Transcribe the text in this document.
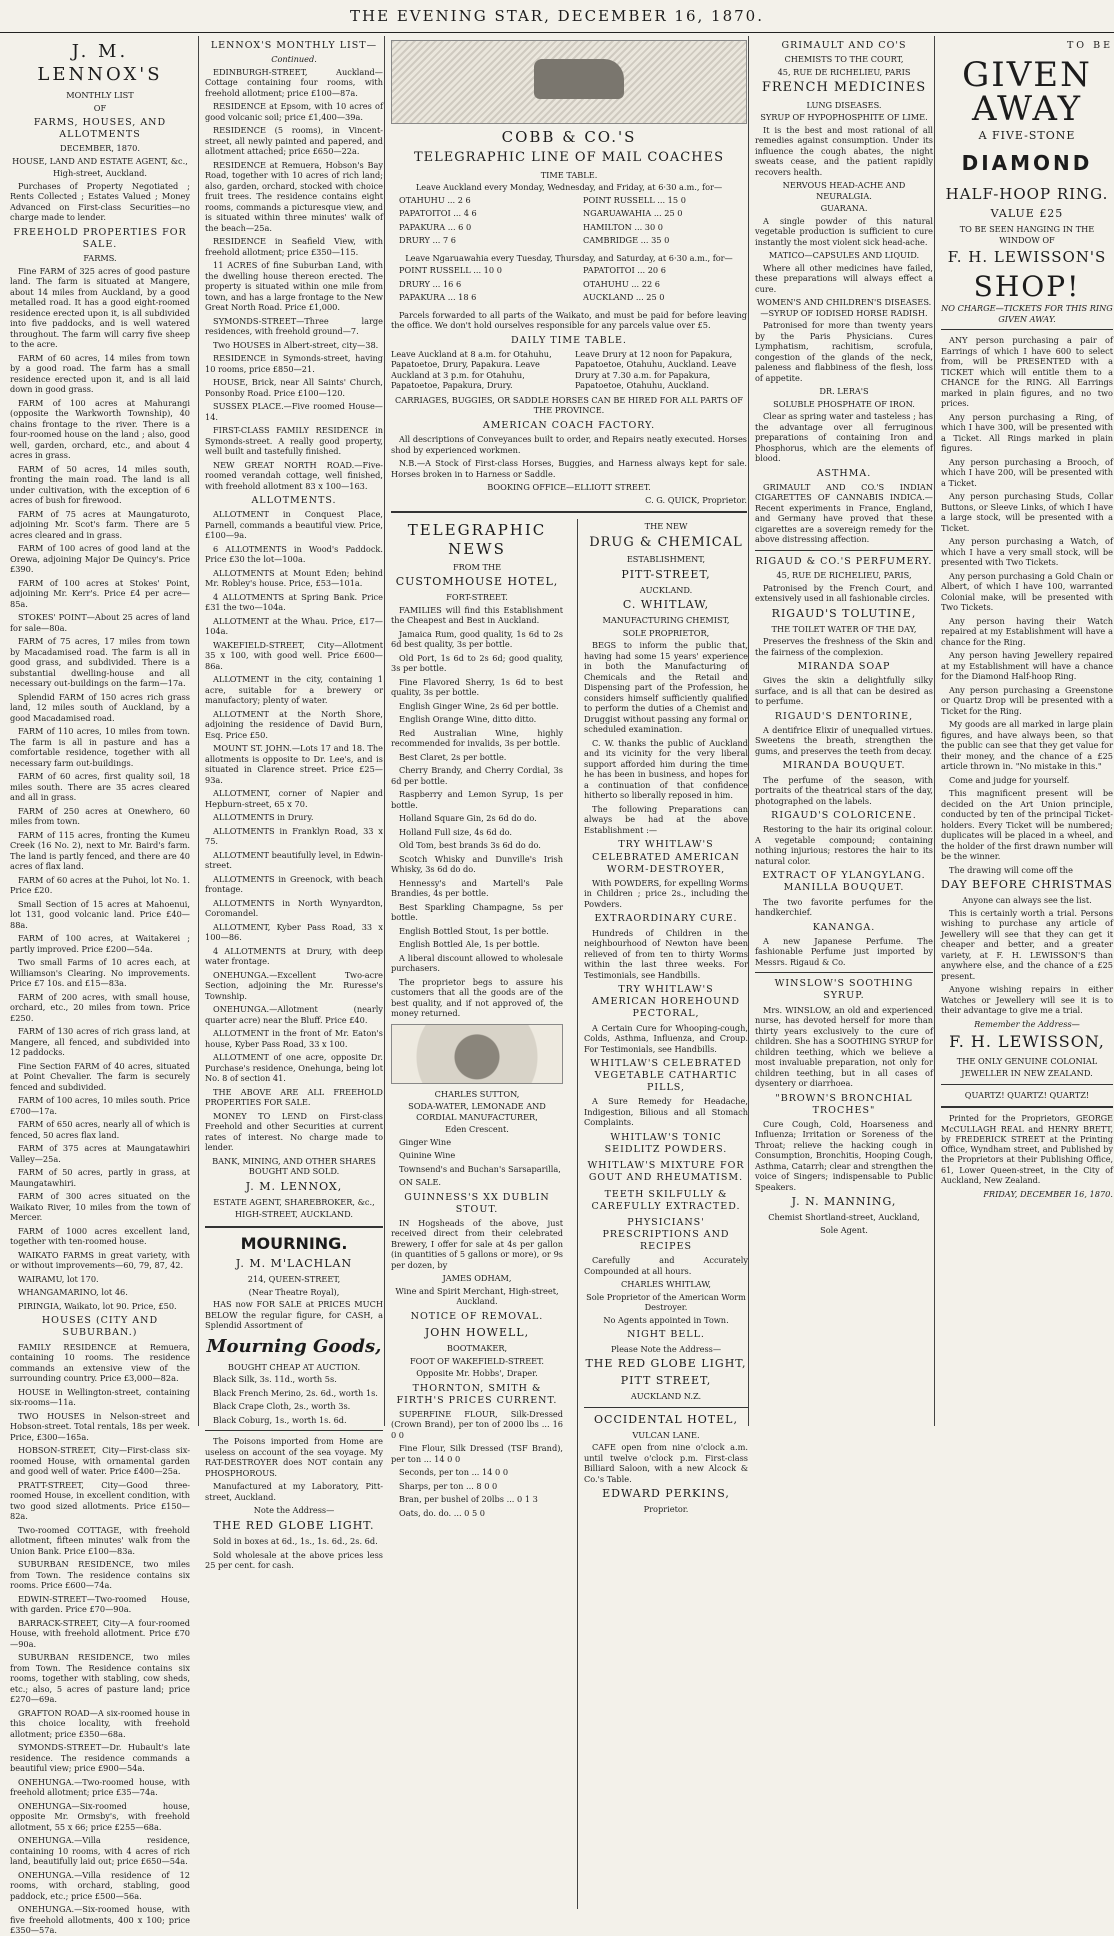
THE EVENING STAR, DECEMBER 16, 1870.
J. M. LENNOX'S
MONTHLY LIST
OF
FARMS, HOUSES, AND ALLOTMENTS
DECEMBER, 1870.
HOUSE, LAND AND ESTATE AGENT, &c.,
High-street, Auckland.

Purchases of Property Negotiated ; Rents Collected ; Estates Valued ; Money Advanced on First-class Securities—no charge made to lender.

FREEHOLD PROPERTIES FOR SALE.
FARMS.

Fine FARM of 325 acres of good pasture land. The farm is situated at Mangere, about 14 miles from Auckland, by a good metalled road. It has a good eight-roomed residence erected upon it, is all subdivided into five paddocks, and is well watered throughout. The farm will carry five sheep to the acre.

FARM of 60 acres, 14 miles from town by a good road. The farm has a small residence erected upon it, and is all laid down in good grass.

FARM of 100 acres at Mahurangi (opposite the Warkworth Township), 40 chains frontage to the river. There is a four-roomed house on the land ; also, good well, garden, orchard, etc., and about 4 acres in grass.

FARM of 50 acres, 14 miles south, fronting the main road. The land is all under cultivation, with the exception of 6 acres of bush for firewood.

FARM of 75 acres at Maungaturoto, adjoining Mr. Scot's farm. There are 5 acres cleared and in grass.

FARM of 100 acres of good land at the Orewa, adjoining Major De Quincy's. Price £390.

FARM of 100 acres at Stokes' Point, adjoining Mr. Kerr's. Price £4 per acre—85a.

STOKES' POINT—About 25 acres of land for sale—80a.

FARM of 75 acres, 17 miles from town by Macadamised road. The farm is all in good grass, and subdivided. There is a substantial dwelling-house and all necessary out-buildings on the farm—17a.

Splendid FARM of 150 acres rich grass land, 12 miles south of Auckland, by a good Macadamised road.

FARM of 110 acres, 10 miles from town. The farm is all in pasture and has a comfortable residence, together with all necessary farm out-buildings.

FARM of 60 acres, first quality soil, 18 miles south. There are 35 acres cleared and all in grass.

FARM of 250 acres at Onewhero, 60 miles from town.

FARM of 115 acres, fronting the Kumeu Creek (16 No. 2), next to Mr. Baird's farm. The land is partly fenced, and there are 40 acres of flax land.

FARM of 60 acres at the Puhoi, lot No. 1. Price £20.

Small Section of 15 acres at Mahoenui, lot 131, good volcanic land. Price £40—88a.

FARM of 100 acres, at Waitakerei ; partly improved. Price £200—54a.

Two small Farms of 10 acres each, at Williamson's Clearing. No improvements. Price £7 10s. and £15—83a.

FARM of 200 acres, with small house, orchard, etc., 20 miles from town. Price £250.

FARM of 130 acres of rich grass land, at Mangere, all fenced, and subdivided into 12 paddocks.

Fine Section FARM of 40 acres, situated at Point Chevalier. The farm is securely fenced and subdivided.

FARM of 100 acres, 10 miles south. Price £700—17a.

FARM of 650 acres, nearly all of which is fenced, 50 acres flax land.

FARM of 375 acres at Maungatawhiri Valley—25a.

FARM of 50 acres, partly in grass, at Maungatawhiri.

FARM of 300 acres situated on the Waikato River, 10 miles from the town of Mercer.

FARM of 1000 acres excellent land, together with ten-roomed house.

WAIKATO FARMS in great variety, with or without improvements—60, 79, 87, 42.

WAIRAMU, lot 170.

WHANGAMARINO, lot 46.

PIRINGIA, Waikato, lot 90. Price, £50.

HOUSES (CITY AND SUBURBAN.)

FAMILY RESIDENCE at Remuera, containing 10 rooms. The residence commands an extensive view of the surrounding country. Price £3,000—82a.

HOUSE in Wellington-street, containing six-rooms—11a.

TWO HOUSES in Nelson-street and Hobson-street. Total rentals, 18s per week. Price, £300—165a.

HOBSON-STREET, City—First-class six-roomed House, with ornamental garden and good well of water. Price £400—25a.

PRATT-STREET, City—Good three-roomed House, in excellent condition, with two good sized allotments. Price £150—82a.

Two-roomed COTTAGE, with freehold allotment, fifteen minutes' walk from the Union Bank. Price £100—83a.

SUBURBAN RESIDENCE, two miles from Town. The residence contains six rooms. Price £600—74a.

EDWIN-STREET—Two-roomed House, with garden. Price £70—90a.

BARRACK-STREET, City—A four-roomed House, with freehold allotment. Price £70—90a.

SUBURBAN RESIDENCE, two miles from Town. The Residence contains six rooms, together with stabling, cow sheds, etc.; also, 5 acres of pasture land; price £270—69a.

GRAFTON ROAD—A six-roomed house in this choice locality, with freehold allotment; price £350—68a.

SYMONDS-STREET—Dr. Hubault's late residence. The residence commands a beautiful view; price £900—54a.

ONEHUNGA.—Two-roomed house, with freehold allotment; price £35—74a.

ONEHUNGA—Six-roomed house, opposite Mr. Ormsby's, with freehold allotment, 55 x 66; price £255—68a.

ONEHUNGA.—Villa residence, containing 10 rooms, with 4 acres of rich land, beautifully laid out; price £650—54a.

ONEHUNGA.—Villa residence of 12 rooms, with orchard, stabling, good paddock, etc.; price £500—56a.

ONEHUNGA.—Six-roomed house, with five freehold allotments, 400 x 100; price £350—57a.

LENNOX'S MONTHLY LIST—
Continued.

EDINBURGH-STREET, Auckland—Cottage containing four rooms, with freehold allotment; price £100—87a.

RESIDENCE at Epsom, with 10 acres of good volcanic soil; price £1,400—39a.

RESIDENCE (5 rooms), in Vincent-street, all newly painted and papered, and allotment attached; price £650—22a.

RESIDENCE at Remuera, Hobson's Bay Road, together with 10 acres of rich land; also, garden, orchard, stocked with choice fruit trees. The residence contains eight rooms, commands a picturesque view, and is situated within three minutes' walk of the beach—25a.

RESIDENCE in Seafield View, with freehold allotment; price £350—115.

11 ACRES of fine Suburban Land, with the dwelling house thereon erected. The property is situated within one mile from town, and has a large frontage to the New Great North Road. Price £1,000.

SYMONDS-STREET—Three large residences, with freehold ground—7.

Two HOUSES in Albert-street, city—38.

RESIDENCE in Symonds-street, having 10 rooms, price £850—21.

HOUSE, Brick, near All Saints' Church, Ponsonby Road. Price £100—120.

SUSSEX PLACE.—Five roomed House—14.

FIRST-CLASS FAMILY RESIDENCE in Symonds-street. A really good property, well built and tastefully finished.

NEW GREAT NORTH ROAD.—Five-roomed verandah cottage, well finished, with freehold allotment 83 x 100—163.

ALLOTMENTS.

ALLOTMENT in Conquest Place, Parnell, commands a beautiful view. Price, £100—9a.

6 ALLOTMENTS in Wood's Paddock. Price £30 the lot—100a.

ALLOTMENTS at Mount Eden; behind Mr. Robley's house. Price, £53—101a.

4 ALLOTMENTS at Spring Bank. Price £31 the two—104a.

ALLOTMENT at the Whau. Price, £17—104a.

WAKEFIELD-STREET, City—Allotment 35 x 100, with good well. Price £600—86a.

ALLOTMENT in the city, containing 1 acre, suitable for a brewery or manufactory; plenty of water.

ALLOTMENT at the North Shore, adjoining the residence of David Burn, Esq. Price £50.

MOUNT ST. JOHN.—Lots 17 and 18. The allotments is opposite to Dr. Lee's, and is situated in Clarence street. Price £25—93a.

ALLOTMENT, corner of Napier and Hepburn-street, 65 x 70.

ALLOTMENTS in Drury.

ALLOTMENTS in Franklyn Road, 33 x 75.

ALLOTMENT beautifully level, in Edwin-street.

ALLOTMENTS in Greenock, with beach frontage.

ALLOTMENTS in North Wynyardton, Coromandel.

ALLOTMENT, Kyber Pass Road, 33 x 100—86.

4 ALLOTMENTS at Drury, with deep water frontage.

ONEHUNGA.—Excellent Two-acre Section, adjoining the Mr. Ruresse's Township.

ONEHUNGA.—Allotment (nearly quarter acre) near the Bluff. Price £40.

ALLOTMENT in the front of Mr. Eaton's house, Kyber Pass Road, 33 x 100.

ALLOTMENT of one acre, opposite Dr. Purchase's residence, Onehunga, being lot No. 8 of section 41.

THE ABOVE ARE ALL FREEHOLD PROPERTIES FOR SALE.

MONEY TO LEND on First-class Freehold and other Securities at current rates of interest. No charge made to lender.

BANK, MINING, AND OTHER SHARES BOUGHT AND SOLD.
J. M. LENNOX,
ESTATE AGENT, SHAREBROKER, &c.,
HIGH-STREET, AUCKLAND.
MOURNING.
J. M. M'LACHLAN
214, QUEEN-STREET,
(Near Theatre Royal),

HAS now FOR SALE at PRICES MUCH BELOW the regular figure, for CASH, a Splendid Assortment of

Mourning Goods,
BOUGHT CHEAP AT AUCTION.

Black Silk, 3s. 11d., worth 5s.

Black French Merino, 2s. 6d., worth 1s.

Black Crape Cloth, 2s., worth 3s.

Black Coburg, 1s., worth 1s. 6d.

The Poisons imported from Home are useless on account of the sea voyage. My RAT-DESTROYER does NOT contain any PHOSPHOROUS.

Manufactured at my Laboratory, Pitt-street, Auckland.

Note the Address—
THE RED GLOBE LIGHT.

Sold in boxes at 6d., 1s., 1s. 6d., 2s. 6d.

Sold wholesale at the above prices less 25 per cent. for cash.

COBB & CO.'S
TELEGRAPHIC LINE OF MAIL COACHES
TIME TABLE.
Leave Auckland every Monday, Wednesday, and Friday, at 6·30 a.m., for—

OTAHUHU ... 2 6

PAPATOITOI ... 4 6

PAPAKURA ... 6 0

DRURY ... 7 6

POINT RUSSELL ... 15 0

NGARUAWAHIA ... 25 0

HAMILTON ... 30 0

CAMBRIDGE ... 35 0

Leave Ngaruawahia every Tuesday, Thursday, and Saturday, at 6·30 a.m., for—

POINT RUSSELL ... 10 0

DRURY ... 16 6

PAPAKURA ... 18 6

PAPATOITOI ... 20 6

OTAHUHU ... 22 6

AUCKLAND ... 25 0

Parcels forwarded to all parts of the Waikato, and must be paid for before leaving the office. We don't hold ourselves responsible for any parcels value over £5.

DAILY TIME TABLE.
Leave Auckland at 8 a.m. for Otahuhu, Papatoetoe, Drury, Papakura. Leave Auckland at 3 p.m. for Otahuhu, Papatoetoe, Papakura, Drury.
Leave Drury at 12 noon for Papakura, Papatoetoe, Otahuhu, Auckland. Leave Drury at 7.30 a.m. for Papakura, Papatoetoe, Otahuhu, Auckland.
CARRIAGES, BUGGIES, OR SADDLE HORSES CAN BE HIRED FOR ALL PARTS OF THE PROVINCE.
AMERICAN COACH FACTORY.

All descriptions of Conveyances built to order, and Repairs neatly executed. Horses shod by experienced workmen.

N.B.—A Stock of First-class Horses, Buggies, and Harness always kept for sale. Horses broken in to Harness or Saddle.

BOOKING OFFICE—ELLIOTT STREET.
C. G. QUICK, Proprietor.
TELEGRAPHIC NEWS
FROM THE
CUSTOMHOUSE HOTEL,
FORT-STREET.

FAMILIES will find this Establishment the Cheapest and Best in Auckland.

Jamaica Rum, good quality, 1s 6d to 2s 6d best quality, 3s per bottle.

Old Port, 1s 6d to 2s 6d; good quality, 3s per bottle.

Fine Flavored Sherry, 1s 6d to best quality, 3s per bottle.

English Ginger Wine, 2s 6d per bottle.

English Orange Wine, ditto ditto.

Red Australian Wine, highly recommended for invalids, 3s per bottle.

Best Claret, 2s per bottle.

Cherry Brandy, and Cherry Cordial, 3s 6d per bottle.

Raspberry and Lemon Syrup, 1s per bottle.

Holland Square Gin, 2s 6d do do.

Holland Full size, 4s 6d do.

Old Tom, best brands 3s 6d do do.

Scotch Whisky and Dunville's Irish Whisky, 3s 6d do do.

Hennessy's and Martell's Pale Brandies, 4s per bottle.

Best Sparkling Champagne, 5s per bottle.

English Bottled Stout, 1s per bottle.

English Bottled Ale, 1s per bottle.

A liberal discount allowed to wholesale purchasers.

The proprietor begs to assure his customers that all the goods are of the best quality, and if not approved of, the money returned.

CHARLES SUTTON,
SODA-WATER, LEMONADE AND CORDIAL MANUFACTURER,
Eden Crescent.

Ginger Wine

Quinine Wine

Townsend's and Buchan's Sarsaparilla,

ON SALE.

GUINNESS'S XX DUBLIN STOUT.

IN Hogsheads of the above, just received direct from their celebrated Brewery, I offer for sale at 4s per gallon (in quantities of 5 gallons or more), or 9s per dozen, by

JAMES ODHAM,
Wine and Spirit Merchant, High-street, Auckland.
NOTICE OF REMOVAL.
JOHN HOWELL,
BOOTMAKER,
FOOT OF WAKEFIELD-STREET.
Opposite Mr. Hobbs', Draper.
THORNTON, SMITH & FIRTH'S PRICES CURRENT.

SUPERFINE FLOUR, Silk-Dressed (Crown Brand), per ton of 2000 lbs ... 16 0 0

Fine Flour, Silk Dressed (TSF Brand), per ton ... 14 0 0

Seconds, per ton ... 14 0 0

Sharps, per ton ... 8 0 0

Bran, per bushel of 20lbs ... 0 1 3

Oats, do. do. ... 0 5 0

THE NEW
DRUG & CHEMICAL
ESTABLISHMENT,
PITT-STREET,
AUCKLAND.
C. WHITLAW,
MANUFACTURING CHEMIST,
SOLE PROPRIETOR,

BEGS to inform the public that, having had some 15 years' experience in both the Manufacturing of Chemicals and the Retail and Dispensing part of the Profession, he considers himself sufficiently qualified to perform the duties of a Chemist and Druggist without passing any formal or scheduled examination.

C. W. thanks the public of Auckland and its vicinity for the very liberal support afforded him during the time he has been in business, and hopes for a continuation of that confidence hitherto so liberally reposed in him.

The following Preparations can always be had at the above Establishment :—

TRY WHITLAW'S CELEBRATED AMERICAN WORM-DESTROYER,

With POWDERS, for expelling Worms in Children ; price 2s., including the Powders.

EXTRAORDINARY CURE.

Hundreds of Children in the neighbourhood of Newton have been relieved of from ten to thirty Worms within the last three weeks. For Testimonials, see Handbills.

TRY WHITLAW'S AMERICAN HOREHOUND PECTORAL,

A Certain Cure for Whooping-cough, Colds, Asthma, Influenza, and Croup. For Testimonials, see Handbills.

WHITLAW'S CELEBRATED VEGETABLE CATHARTIC PILLS,

A Sure Remedy for Headache, Indigestion, Bilious and all Stomach Complaints.

WHITLAW'S TONIC SEIDLITZ POWDERS.
WHITLAW'S MIXTURE FOR GOUT AND RHEUMATISM.
TEETH SKILFULLY & CAREFULLY EXTRACTED.
PHYSICIANS' PRESCRIPTIONS AND RECIPES

Carefully and Accurately Compounded at all hours.

CHARLES WHITLAW,
Sole Proprietor of the American Worm Destroyer.
No Agents appointed in Town.
NIGHT BELL.
Please Note the Address—
THE RED GLOBE LIGHT,
PITT STREET,
AUCKLAND N.Z.
OCCIDENTAL HOTEL,
VULCAN LANE.

CAFE open from nine o'clock a.m. until twelve o'clock p.m. First-class Billiard Saloon, with a new Alcock & Co.'s Table.

EDWARD PERKINS,
Proprietor.
GRIMAULT AND CO'S
CHEMISTS TO THE COURT,
45, RUE DE RICHELIEU, PARIS
FRENCH MEDICINES
LUNG DISEASES.
SYRUP OF HYPOPHOSPHITE OF LIME.

It is the best and most rational of all remedies against consumption. Under its influence the cough abates, the night sweats cease, and the patient rapidly recovers health.

NERVOUS HEAD-ACHE AND NEURALGIA.
GUARANA.

A single powder of this natural vegetable production is sufficient to cure instantly the most violent sick head-ache.

MATICO—CAPSULES AND LIQUID.

Where all other medicines have failed, these preparations will always effect a cure.

WOMEN'S AND CHILDREN'S DISEASES. —SYRUP OF IODISED HORSE RADISH.

Patronised for more than twenty years by the Paris Physicians. Cures Lymphatism, rachitism, scrofula, congestion of the glands of the neck, paleness and flabbiness of the flesh, loss of appetite.

DR. LERA'S
SOLUBLE PHOSPHATE OF IRON.

Clear as spring water and tasteless ; has the advantage over all ferruginous preparations of containing Iron and Phosphorus, which are the elements of blood.

ASTHMA.

GRIMAULT AND CO.'S INDIAN CIGARETTES OF CANNABIS INDICA.—Recent experiments in France, England, and Germany have proved that these cigarettes are a sovereign remedy for the above distressing affection.

RIGAUD & CO.'S PERFUMERY.
45, RUE DE RICHELIEU, PARIS,

Patronised by the French Court, and extensively used in all fashionable circles.

RIGAUD'S TOLUTINE,
THE TOILET WATER OF THE DAY,

Preserves the freshness of the Skin and the fairness of the complexion.

MIRANDA SOAP

Gives the skin a delightfully silky surface, and is all that can be desired as to perfume.

RIGAUD'S DENTORINE,

A dentifrice Elixir of unequalled virtues. Sweetens the breath, strengthen the gums, and preserves the teeth from decay.

MIRANDA BOUQUET.

The perfume of the season, with portraits of the theatrical stars of the day, photographed on the labels.

RIGAUD'S COLORICENE.

Restoring to the hair its original colour. A vegetable compound; containing nothing injurious; restores the hair to its natural color.

EXTRACT OF YLANGYLANG. MANILLA BOUQUET.

The two favorite perfumes for the handkerchief.

KANANGA.

A new Japanese Perfume. The fashionable Perfume just imported by Messrs. Rigaud & Co.

WINSLOW'S SOOTHING SYRUP.

Mrs. WINSLOW, an old and experienced nurse, has devoted herself for more than thirty years exclusively to the cure of children. She has a SOOTHING SYRUP for children teething, which we believe a most invaluable preparation, not only for children teething, but in all cases of dysentery or diarrhoea.

"BROWN'S BRONCHIAL TROCHES"

Cure Cough, Cold, Hoarseness and Influenza; Irritation or Soreness of the Throat; relieve the hacking cough in Consumption, Bronchitis, Hooping Cough, Asthma, Catarrh; clear and strengthen the voice of Singers; indispensable to Public Speakers.

J. N. MANNING,
Chemist Shortland-street, Auckland,
Sole Agent.
TO BE
GIVEN AWAY
A FIVE-STONE
DIAMOND
HALF-HOOP RING.
VALUE £25
TO BE SEEN HANGING IN THE WINDOW OF
F. H. LEWISSON'S
SHOP!
NO CHARGE—TICKETS FOR THIS RING GIVEN AWAY.

ANY person purchasing a pair of Earrings of which I have 600 to select from, will be PRESENTED with a TICKET which will entitle them to a CHANCE for the RING. All Earrings marked in plain figures, and no two prices.

Any person purchasing a Ring, of which I have 300, will be presented with a Ticket. All Rings marked in plain figures.

Any person purchasing a Brooch, of which I have 200, will be presented with a Ticket.

Any person purchasing Studs, Collar Buttons, or Sleeve Links, of which I have a large stock, will be presented with a Ticket.

Any person purchasing a Watch, of which I have a very small stock, will be presented with Two Tickets.

Any person purchasing a Gold Chain or Albert, of which I have 100, warranted Colonial make, will be presented with Two Tickets.

Any person having their Watch repaired at my Establishment will have a chance for the Ring.

Any person having Jewellery repaired at my Establishment will have a chance for the Diamond Half-hoop Ring.

Any person purchasing a Greenstone or Quartz Drop will be presented with a Ticket for the Ring.

My goods are all marked in large plain figures, and have always been, so that the public can see that they get value for their money, and the chance of a £25 article thrown in. "No mistake in this."

Come and judge for yourself.

This magnificent present will be decided on the Art Union principle, conducted by ten of the principal Ticket-holders. Every Ticket will be numbered; duplicates will be placed in a wheel, and the holder of the first drawn number will be the winner.

The drawing will come off the

DAY BEFORE CHRISTMAS
Anyone can always see the list.

This is certainly worth a trial. Persons wishing to purchase any article of Jewellery will see that they can get it cheaper and better, and a greater variety, at F. H. LEWISSON'S than anywhere else, and the chance of a £25 present.

Anyone wishing repairs in either Watches or Jewellery will see it is to their advantage to give me a trial.

Remember the Address—
F. H. LEWISSON,
THE ONLY GENUINE COLONIAL
JEWELLER IN NEW ZEALAND.
QUARTZ! QUARTZ! QUARTZ!

Printed for the Proprietors, GEORGE McCULLAGH REAL and HENRY BRETT, by FREDERICK STREET at the Printing Office, Wyndham street, and Published by the Proprietors at their Publishing Office, 61, Lower Queen-street, in the City of Auckland, New Zealand.

FRIDAY, DECEMBER 16, 1870.
